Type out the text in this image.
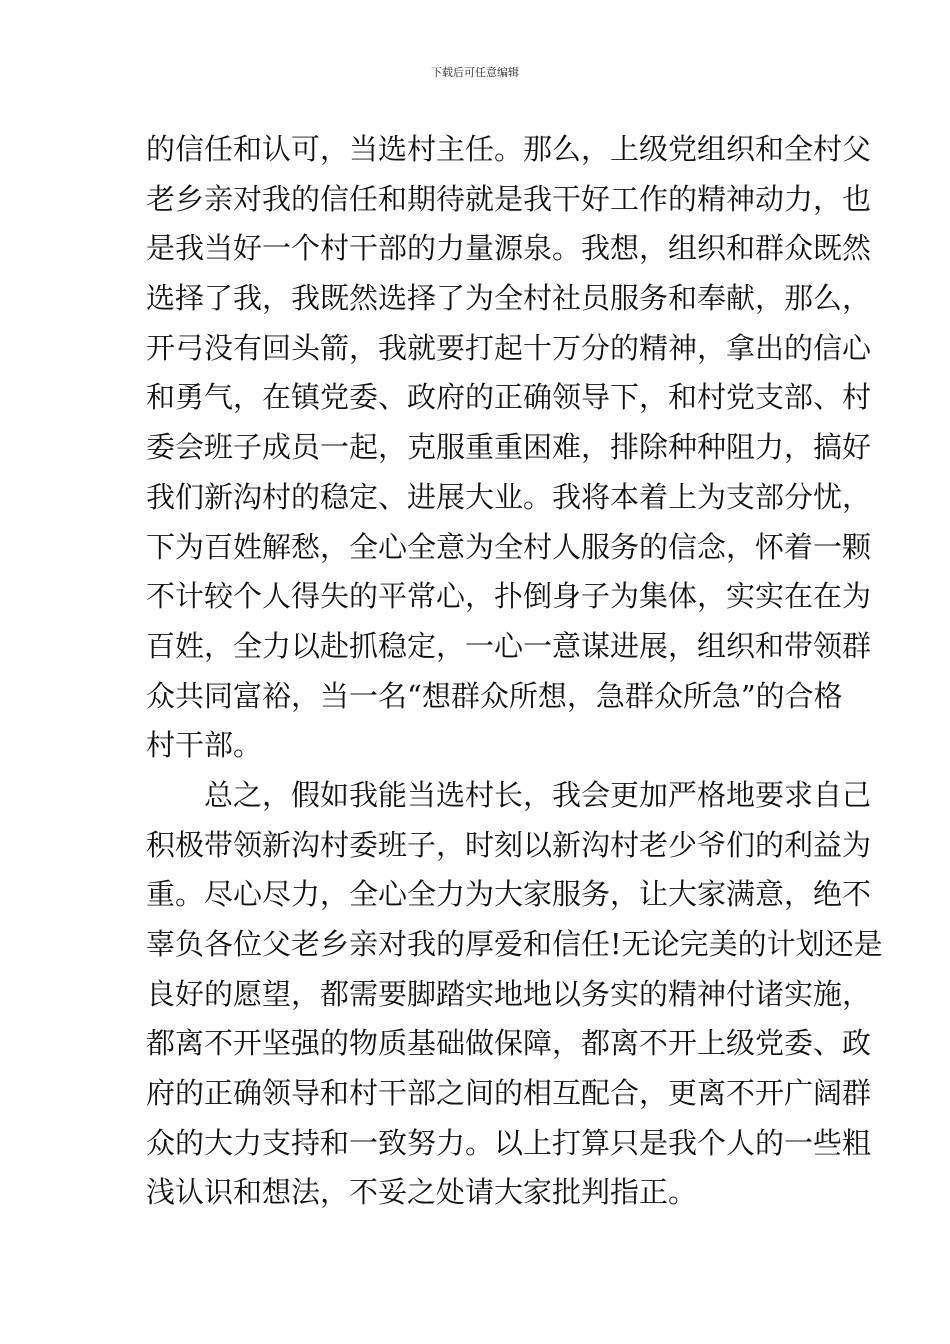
下载后可任意编辑
的信任和认可，当选村主任。那么，上级党组织和全村父
老乡亲对我的信任和期待就是我干好工作的精神动力，也
是我当好一个村干部的力量源泉。我想，组织和群众既然
选择了我，我既然选择了为全村社员服务和奉献，那么，
开弓没有回头箭，我就要打起十万分的精神，拿出的信心
和勇气，在镇党委、政府的正确领导下，和村党支部、村
委会班子成员一起，克服重重困难，排除种种阻力，搞好
我们新沟村的稳定、进展大业。我将本着上为支部分忧，
下为百姓解愁，全心全意为全村人服务的信念，怀着一颗
不计较个人得失的平常心，扑倒身子为集体，实实在在为
百姓，全力以赴抓稳定，一心一意谋进展，组织和带领群
众共同富裕，当一名“想群众所想，急群众所急”的合格
村干部。
总之，假如我能当选村长，我会更加严格地要求自己
积极带领新沟村委班子，时刻以新沟村老少爷们的利益为
重。尽心尽力，全心全力为大家服务，让大家满意，绝不
辜负各位父老乡亲对我的厚爱和信任!无论完美的计划还是
良好的愿望，都需要脚踏实地地以务实的精神付诸实施，
都离不开坚强的物质基础做保障，都离不开上级党委、政
府的正确领导和村干部之间的相互配合，更离不开广阔群
众的大力支持和一致努力。以上打算只是我个人的一些粗
浅认识和想法，不妥之处请大家批判指正。
